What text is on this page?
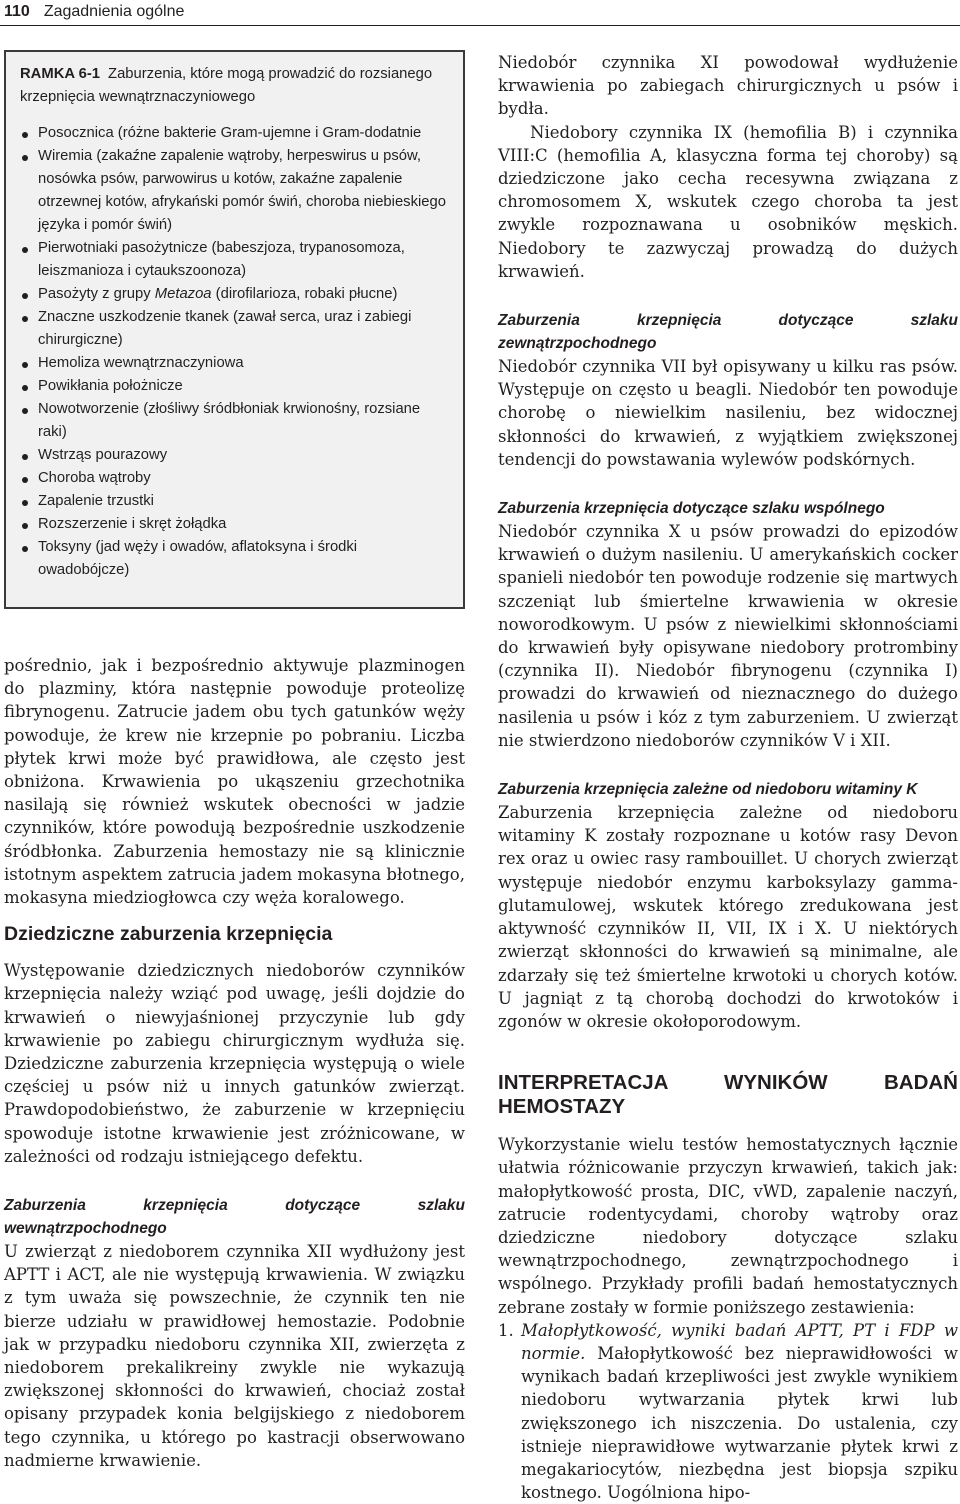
110 Zagadnienia ogólne
RAMKA 6-1 Zaburzenia, które mogą prowadzić do rozsianego krzepnięcia wewnątrznaczyniowego
Posocznica (różne bakterie Gram-ujemne i Gram-dodatnie
Wiremia (zakaźne zapalenie wątroby, herpeswirus u psów, nosówka psów, parwowirus u kotów, zakaźne zapalenie otrzewnej kotów, afrykański pomór świń, choroba niebieskiego języka i pomór świń)
Pierwotniaki pasożytnicze (babeszjoza, trypanosomoza, leiszmanioza i cytaukszoonoza)
Pasożyty z grupy Metazoa (dirofilarioza, robaki płucne)
Znaczne uszkodzenie tkanek (zawał serca, uraz i zabiegi chirurgiczne)
Hemoliza wewnątrznaczyniowa
Powikłania położnicze
Nowotworzenie (złośliwy śródbłoniak krwionośny, rozsiane raki)
Wstrząs pourazowy
Choroba wątroby
Zapalenie trzustki
Rozszerzenie i skręt żołądka
Toksyny (jad węży i owadów, aflatoksyna i środki owadobójcze)

pośrednio, jak i bezpośrednio aktywuje plazminogen do plazminy, która następnie powoduje proteolizę fibrynogenu. Zatrucie jadem obu tych gatunków węży powoduje, że krew nie krzepnie po pobraniu. Liczba płytek krwi może być prawidłowa, ale często jest obniżona. Krwawienia po ukąszeniu grzechotnika nasilają się również wskutek obecności w jadzie czynników, które powodują bezpośrednie uszkodzenie śródbłonka. Zaburzenia hemostazy nie są klinicznie istotnym aspektem zatrucia jadem mokasyna błotnego, mokasyna miedziogłowca czy węża koralowego.

Dziedziczne zaburzenia krzepnięcia

Występowanie dziedzicznych niedoborów czynników krzepnięcia należy wziąć pod uwagę, jeśli dojdzie do krwawień o niewyjaśnionej przyczynie lub gdy krwawienie po zabiegu chirurgicznym wydłuża się. Dziedziczne zaburzenia krzepnięcia występują o wiele częściej u psów niż u innych gatunków zwierząt. Prawdopodobieństwo, że zaburzenie w krzepnięciu spowoduje istotne krwawienie jest zróżnicowane, w zależności od rodzaju istniejącego defektu.

Zaburzenia krzepnięcia dotyczące szlaku wewnątrzpochodnego

U zwierząt z niedoborem czynnika XII wydłużony jest APTT i ACT, ale nie występują krwawienia. W związku z tym uważa się powszechnie, że czynnik ten nie bierze udziału w prawidłowej hemostazie. Podobnie jak w przypadku niedoboru czynnika XII, zwierzęta z niedoborem prekalikreiny zwykle nie wykazują zwiększonej skłonności do krwawień, chociaż został opisany przypadek konia belgijskiego z niedoborem tego czynnika, u którego po kastracji obserwowano nadmierne krwawienie.

Niedobór czynnika XI powodował wydłużenie krwawienia po zabiegach chirurgicznych u psów i bydła.

Niedobory czynnika IX (hemofilia B) i czynnika VIII:C (hemofilia A, klasyczna forma tej choroby) są dziedziczone jako cecha recesywna związana z chromosomem X, wskutek czego choroba ta jest zwykle rozpoznawana u osobników męskich. Niedobory te zazwyczaj prowadzą do dużych krwawień.

Zaburzenia krzepnięcia dotyczące szlaku zewnątrzpochodnego

Niedobór czynnika VII był opisywany u kilku ras psów. Występuje on często u beagli. Niedobór ten powoduje chorobę o niewielkim nasileniu, bez widocznej skłonności do krwawień, z wyjątkiem zwiększonej tendencji do powstawania wylewów podskórnych.

Zaburzenia krzepnięcia dotyczące szlaku wspólnego

Niedobór czynnika X u psów prowadzi do epizodów krwawień o dużym nasileniu. U amerykańskich cocker spanieli niedobór ten powoduje rodzenie się martwych szczeniąt lub śmiertelne krwawienia w okresie noworodkowym. U psów z niewielkimi skłonnościami do krwawień były opisywane niedobory protrombiny (czynnika II). Niedobór fibrynogenu (czynnika I) prowadzi do krwawień od nieznacznego do dużego nasilenia u psów i kóz z tym zaburzeniem. U zwierząt nie stwierdzono niedoborów czynników V i XII.

Zaburzenia krzepnięcia zależne od niedoboru witaminy K

Zaburzenia krzepnięcia zależne od niedoboru witaminy K zostały rozpoznane u kotów rasy Devon rex oraz u owiec rasy rambouillet. U chorych zwierząt występuje niedobór enzymu karboksylazy gamma-glutamulowej, wskutek którego zredukowana jest aktywność czynników II, VII, IX i X. U niektórych zwierząt skłonności do krwawień są minimalne, ale zdarzały się też śmiertelne krwotoki u chorych kotów. U jagniąt z tą chorobą dochodzi do krwotoków i zgonów w okresie okołoporodowym.

INTERPRETACJA WYNIKÓW BADAŃ HEMOSTAZY

Wykorzystanie wielu testów hemostatycznych łącznie ułatwia różnicowanie przyczyn krwawień, takich jak: małopłytkowość prosta, DIC, vWD, zapalenie naczyń, zatrucie rodentycydami, choroby wątroby oraz dziedziczne niedobory dotyczące szlaku wewnątrzpochodnego, zewnątrzpochodnego i wspólnego. Przykłady profili badań hemostatycznych zebrane zostały w formie poniższego zestawienia:

1. Małopłytkowość, wyniki badań APTT, PT i FDP w normie. Małopłytkowość bez nieprawidłowości w wynikach badań krzepliwości jest zwykle wynikiem niedoboru wytwarzania płytek krwi lub zwiększonego ich niszczenia. Do ustalenia, czy istnieje nieprawidłowe wytwarzanie płytek krwi z megakariocytów, niezbędna jest biopsja szpiku kostnego. Uogólniona hipo-
